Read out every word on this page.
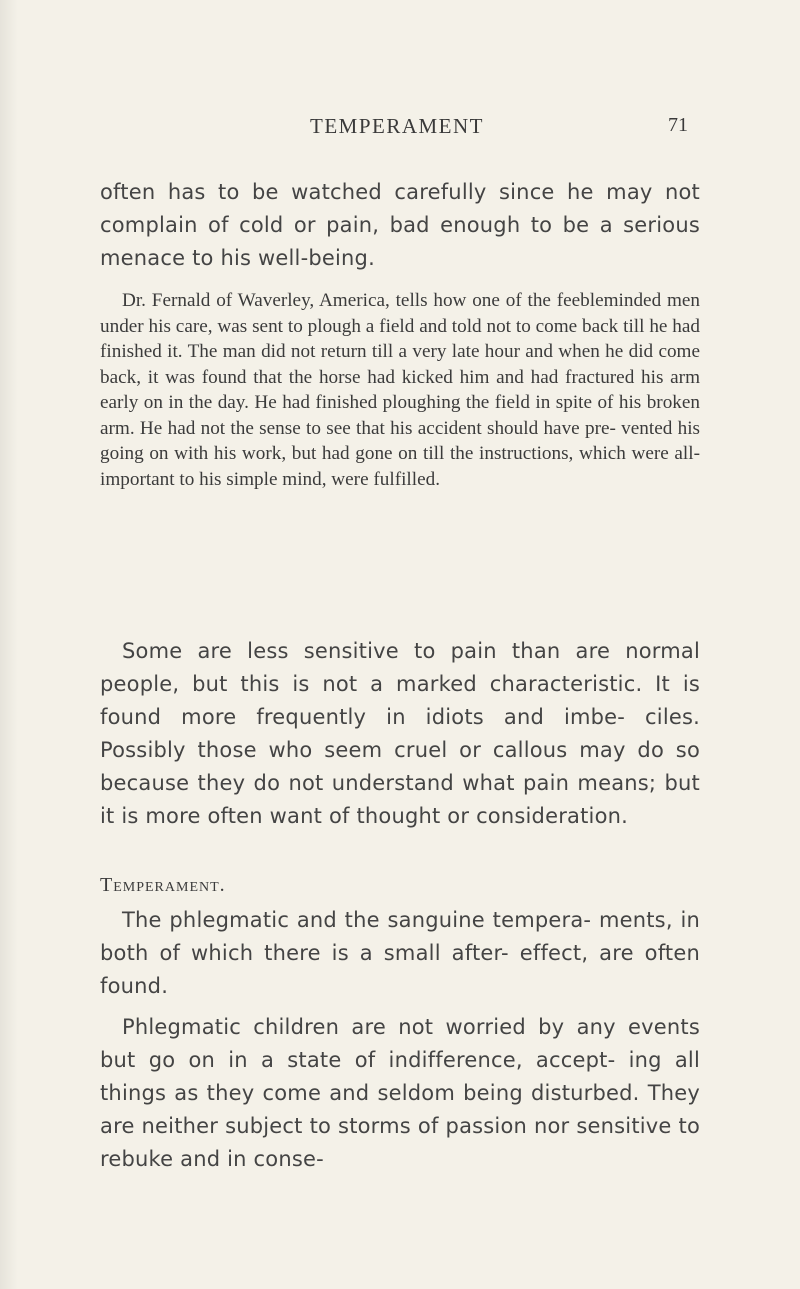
TEMPERAMENT	71

often has to be watched carefully since he may not complain of cold or pain, bad enough to be a serious menace to his well-being.

Dr. Fernald of Waverley, America, tells how one of the feebleminded men under his care, was sent to plough a field and told not to come back till he had finished it. The man did not return till a very late hour and when he did come back, it was found that the horse had kicked him and had fractured his arm early on in the day. He had finished ploughing the field in spite of his broken arm. He had not the sense to see that his accident should have pre- vented his going on with his work, but had gone on till the instructions, which were all-important to his simple mind, were fulfilled.

Some are less sensitive to pain than are normal people, but this is not a marked characteristic. It is found more frequently in idiots and imbe- ciles. Possibly those who seem cruel or callous may do so because they do not understand what pain means; but it is more often want of thought or consideration.

Temperament.

The phlegmatic and the sanguine tempera- ments, in both of which there is a small after- effect, are often found.

Phlegmatic children are not worried by any events but go on in a state of indifference, accept- ing all things as they come and seldom being disturbed. They are neither subject to storms of passion nor sensitive to rebuke and in conse-
